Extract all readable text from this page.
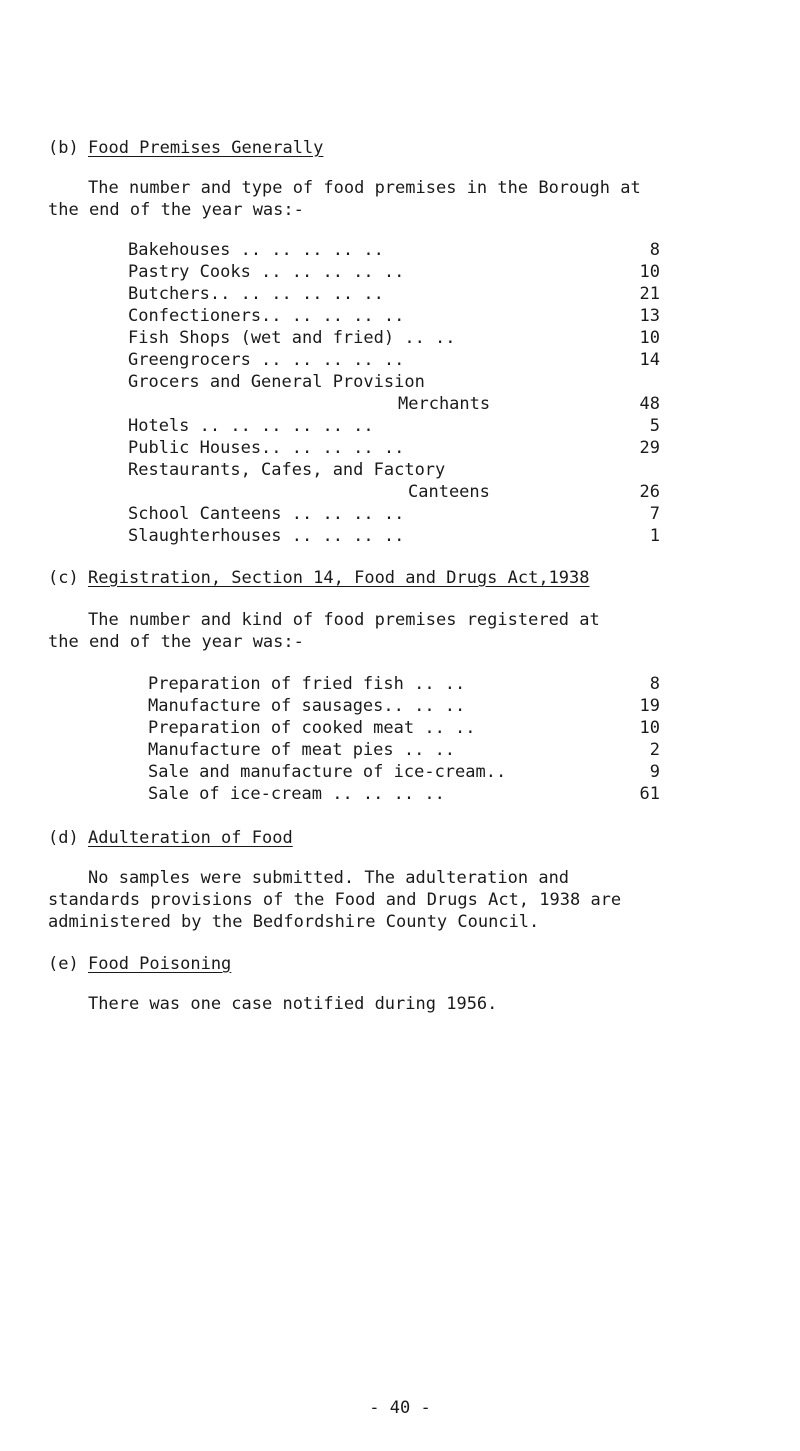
(b) Food Premises Generally
The number and type of food premises in the Borough at
the end of the year was:-
Bakehouses .. .. .. .. ..	8
Pastry Cooks .. .. .. .. ..	10
Butchers.. .. .. .. .. ..	21
Confectioners.. .. .. .. ..	13
Fish Shops (wet and fried) .. ..	10
Greengrocers .. .. .. .. ..	14
Grocers and General Provision
Merchants	48
Hotels .. .. .. .. .. ..	5
Public Houses.. .. .. .. ..	29
Restaurants, Cafes, and Factory
Canteens	26
School Canteens .. .. .. ..	7
Slaughterhouses .. .. .. ..	1
(c) Registration, Section 14, Food and Drugs Act,1938
The number and kind of food premises registered at
the end of the year was:-
Preparation of fried fish .. ..	8
Manufacture of sausages.. .. ..	19
Preparation of cooked meat .. ..	10
Manufacture of meat pies .. ..	2
Sale and manufacture of ice-cream..	9
Sale of ice-cream .. .. .. ..	61
(d) Adulteration of Food
No samples were submitted. The adulteration and
standards provisions of the Food and Drugs Act, 1938 are
administered by the Bedfordshire County Council.
(e) Food Poisoning
There was one case notified during 1956.
- 40 -
